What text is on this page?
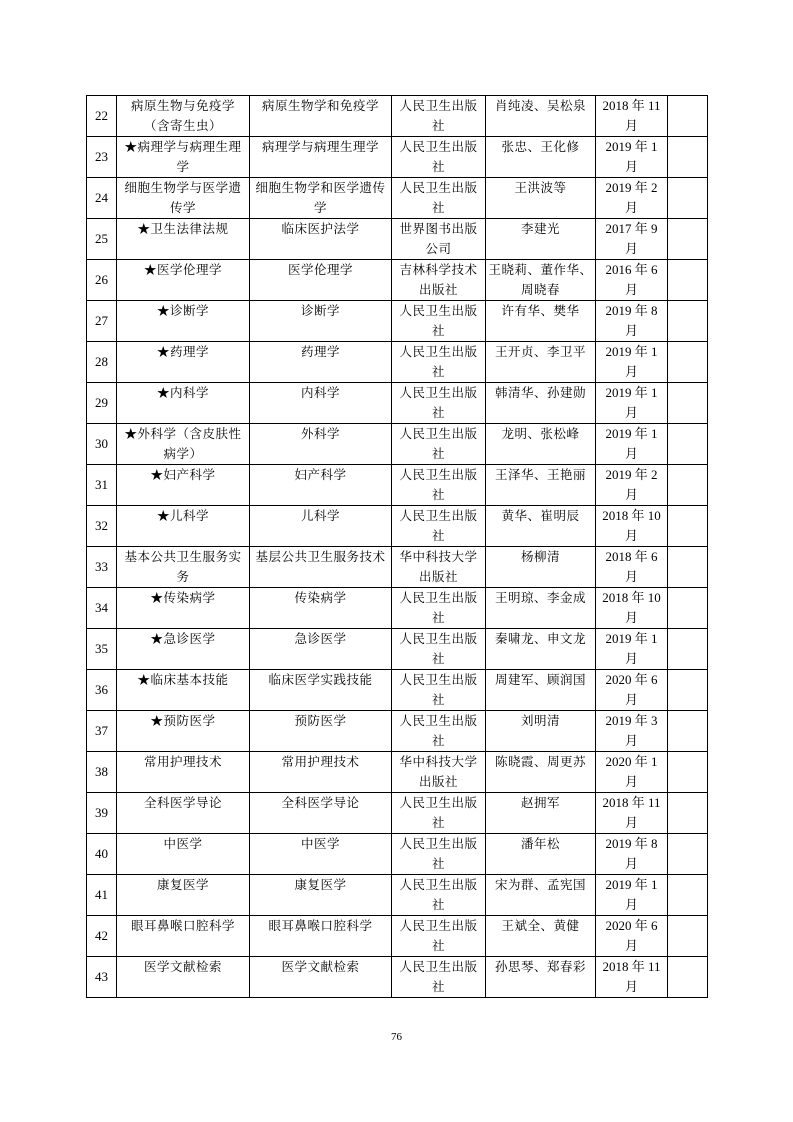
22	病原生物与免疫学（含寄生虫）	病原生物学和免疫学	人民卫生出版社	肖纯凌、吴松泉	2018 年 11 月	
23	★病理学与病理生理学	病理学与病理生理学	人民卫生出版社	张忠、王化修	2019 年 1 月	
24	细胞生物学与医学遗传学	细胞生物学和医学遗传学	人民卫生出版社	王洪波等	2019 年 2 月	
25	★卫生法律法规	临床医护法学	世界图书出版公司	李建光	2017 年 9 月	
26	★医学伦理学	医学伦理学	吉林科学技术出版社	王晓莉、董作华、周晓春	2016 年 6 月	
27	★诊断学	诊断学	人民卫生出版社	许有华、樊华	2019 年 8 月	
28	★药理学	药理学	人民卫生出版社	王开贞、李卫平	2019 年 1 月	
29	★内科学	内科学	人民卫生出版社	韩清华、孙建勋	2019 年 1 月	
30	★外科学（含皮肤性病学）	外科学	人民卫生出版社	龙明、张松峰	2019 年 1 月	
31	★妇产科学	妇产科学	人民卫生出版社	王泽华、王艳丽	2019 年 2 月	
32	★儿科学	儿科学	人民卫生出版社	黄华、崔明辰	2018 年 10 月	
33	基本公共卫生服务实务	基层公共卫生服务技术	华中科技大学出版社	杨柳清	2018 年 6 月	
34	★传染病学	传染病学	人民卫生出版社	王明琼、李金成	2018 年 10 月	
35	★急诊医学	急诊医学	人民卫生出版社	秦啸龙、申文龙	2019 年 1 月	
36	★临床基本技能	临床医学实践技能	人民卫生出版社	周建军、顾润国	2020 年 6 月	
37	★预防医学	预防医学	人民卫生出版社	刘明清	2019 年 3 月	
38	常用护理技术	常用护理技术	华中科技大学出版社	陈晓霞、周更苏	2020 年 1 月	
39	全科医学导论	全科医学导论	人民卫生出版社	赵拥军	2018 年 11 月	
40	中医学	中医学	人民卫生出版社	潘年松	2019 年 8 月	
41	康复医学	康复医学	人民卫生出版社	宋为群、孟宪国	2019 年 1 月	
42	眼耳鼻喉口腔科学	眼耳鼻喉口腔科学	人民卫生出版社	王斌全、黄健	2020 年 6 月	
43	医学文献检索	医学文献检索	人民卫生出版社	孙思琴、郑春彩	2018 年 11 月	
76
